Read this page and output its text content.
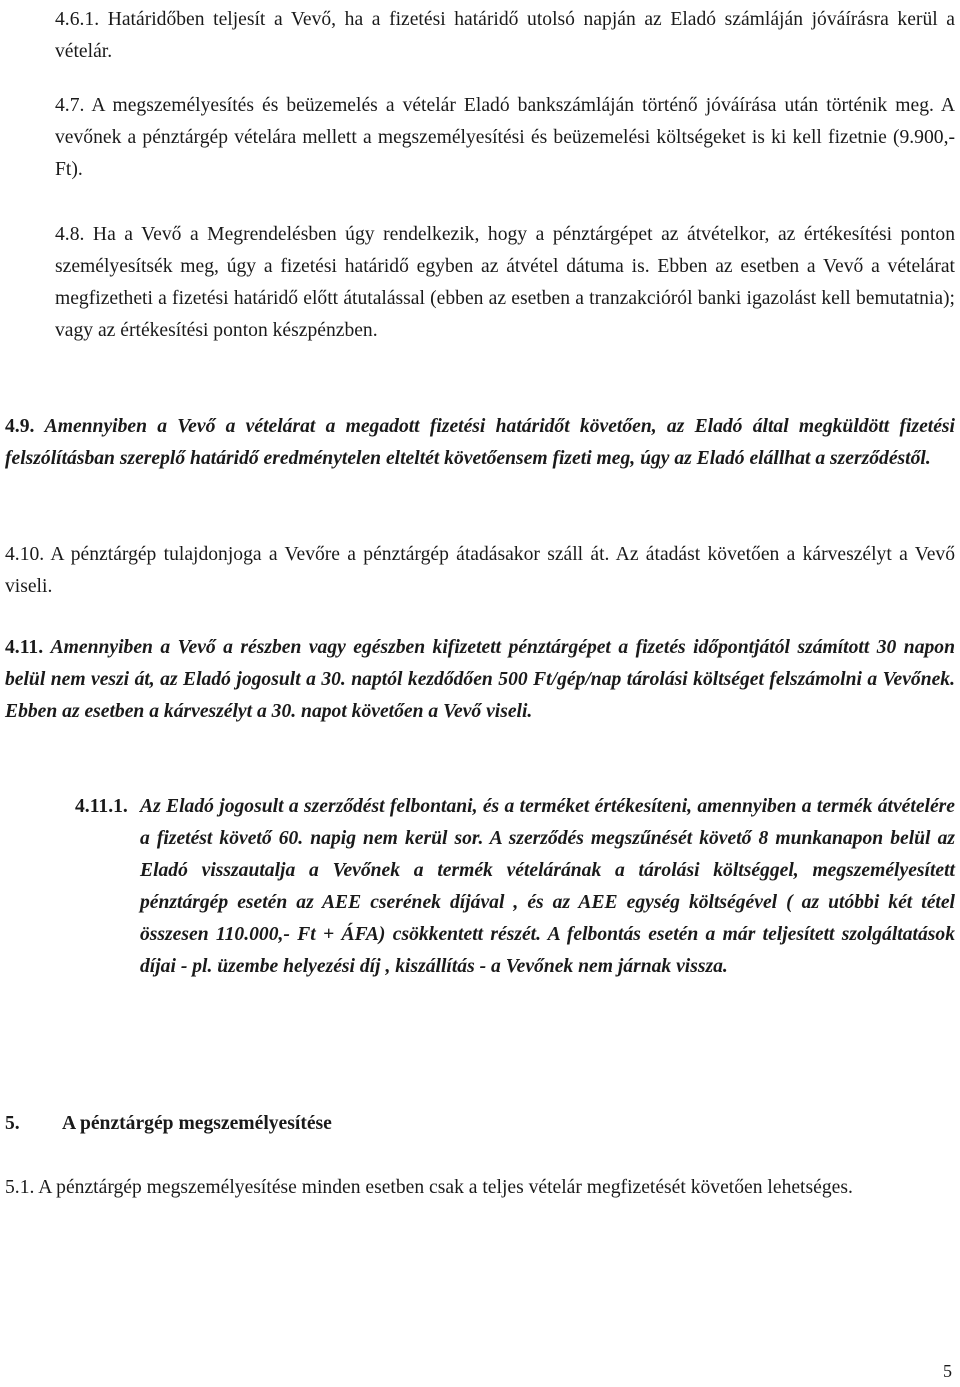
4.6.1. Határidőben teljesít a Vevő, ha a fizetési határidő utolsó napján az Eladó számláján jóváírásra kerül a vételár.

4.7. A megszemélyesítés és beüzemelés a vételár Eladó bankszámláján történő jóváírása után történik meg. A vevőnek a pénztárgép vételára mellett a megszemélyesítési és beüzemelési költségeket is ki kell fizetnie (9.900,- Ft).

4.8. Ha a Vevő a Megrendelésben úgy rendelkezik, hogy a pénztárgépet az átvételkor, az értékesítési ponton személyesítsék meg, úgy a fizetési határidő egyben az átvétel dátuma is. Ebben az esetben a Vevő a vételárat megfizetheti a fizetési határidő előtt átutalással (ebben az esetben a tranzakcióról banki igazolást kell bemutatnia); vagy az értékesítési ponton készpénzben.

4.9. Amennyiben a Vevő a vételárat a megadott fizetési határidőt követően, az Eladó által megküldött fizetési felszólításban szereplő határidő eredménytelen elteltét követőensem fizeti meg, úgy az Eladó elállhat a szerződéstől.

4.10. A pénztárgép tulajdonjoga a Vevőre a pénztárgép átadásakor száll át. Az átadást követően a kárveszélyt a Vevő viseli.

4.11. Amennyiben a Vevő a részben vagy egészben kifizetett pénztárgépet a fizetés időpontjától számított 30 napon belül nem veszi át, az Eladó jogosult a 30. naptól kezdődően 500 Ft/gép/nap tárolási költséget felszámolni a Vevőnek. Ebben az esetben a kárveszélyt a 30. napot követően a Vevő viseli.

4.11.1. Az Eladó jogosult a szerződést felbontani, és a terméket értékesíteni, amennyiben a termék átvételére a fizetést követő 60. napig nem kerül sor. A szerződés megszűnését követő 8 munkanapon belül az Eladó visszautalja a Vevőnek a termék vételárának a tárolási költséggel, megszemélyesített pénztárgép esetén az AEE cserének díjával , és az AEE egység költségével ( az utóbbi két tétel összesen 110.000,- Ft + ÁFA) csökkentett részét. A felbontás esetén a már teljesített szolgáltatások díjai - pl. üzembe helyezési díj , kiszállítás - a Vevőnek nem járnak vissza.

5. A pénztárgép megszemélyesítése

5.1. A pénztárgép megszemélyesítése minden esetben csak a teljes vételár megfizetését követően lehetséges.

5
